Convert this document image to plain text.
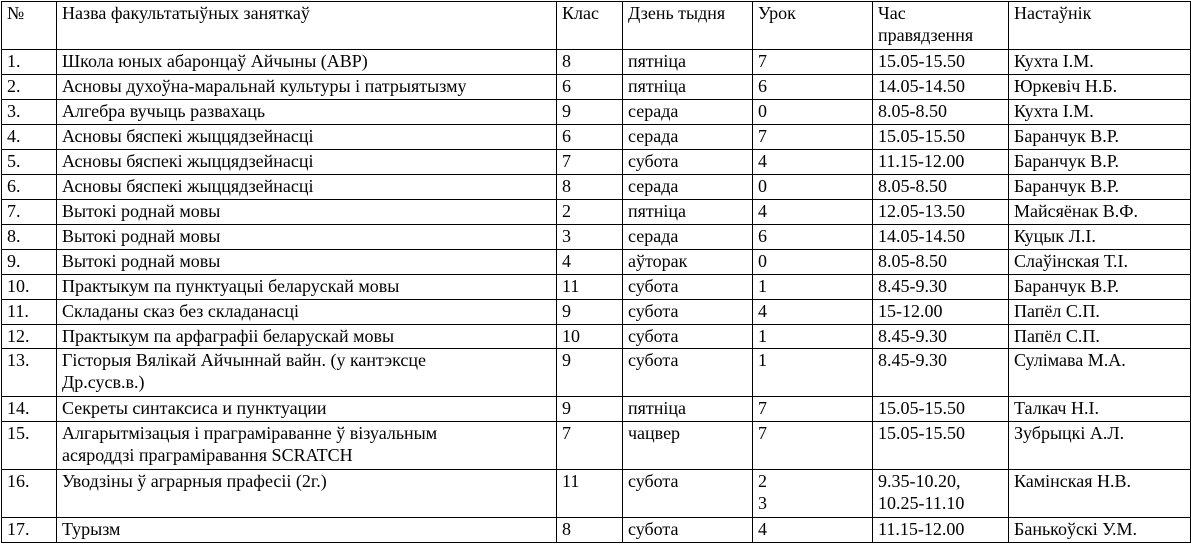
№	Назва факультатыўных заняткаў	Клас	Дзень тыдня	Урок	Час
правядзення	Настаўнік
1.	Школа юных абаронцаў Айчыны (АВР)	8	пятніца	7	15.05-15.50	Кухта І.М.
2.	Асновы духоўна-маральнай культуры і патрыятызму	6	пятніца	6	14.05-14.50	Юркевіч Н.Б.
3.	Алгебра вучыць развахаць	9	серада	0	8.05-8.50	Кухта І.М.
4.	Асновы бяспекі жыццядзейнасці	6	серада	7	15.05-15.50	Баранчук В.Р.
5.	Асновы бяспекі жыццядзейнасці	7	субота	4	11.15-12.00	Баранчук В.Р.
6.	Асновы бяспекі жыццядзейнасці	8	серада	0	8.05-8.50	Баранчук В.Р.
7.	Вытокі роднай мовы	2	пятніца	4	12.05-13.50	Майсяёнак В.Ф.
8.	Вытокі роднай мовы	3	серада	6	14.05-14.50	Куцык Л.І.
9.	Вытокі роднай мовы	4	аўторак	0	8.05-8.50	Слаўінская Т.І.
10.	Практыкум па пунктуацыі беларускай мовы	11	субота	1	8.45-9.30	Баранчук В.Р.
11.	Складаны сказ без складанасці	9	субота	4	15-12.00	Папёл С.П.
12.	Практыкум па арфаграфіі беларускай мовы	10	субота	1	8.45-9.30	Папёл С.П.
13.	Гісторыя Вялікай Айчыннай вайн. (у кантэксце
Др.сусв.в.)	9	субота	1	8.45-9.30	Сулімава М.А.
14.	Секреты синтаксиса и пунктуации	9	пятніца	7	15.05-15.50	Талкач Н.І.
15.	Алгарытмізацыя і праграміраванне ў візуальным
асяроддзі праграміравання SCRATCH	7	чацвер	7	15.05-15.50	Зубрыцкі А.Л.
16.	Уводзіны ў аграрныя прафесіі (2г.)	11	субота	2
3	9.35-10.20,
10.25-11.10	Камінская Н.В.
17.	Турызм	8	субота	4	11.15-12.00	Банькоўскі У.М.
